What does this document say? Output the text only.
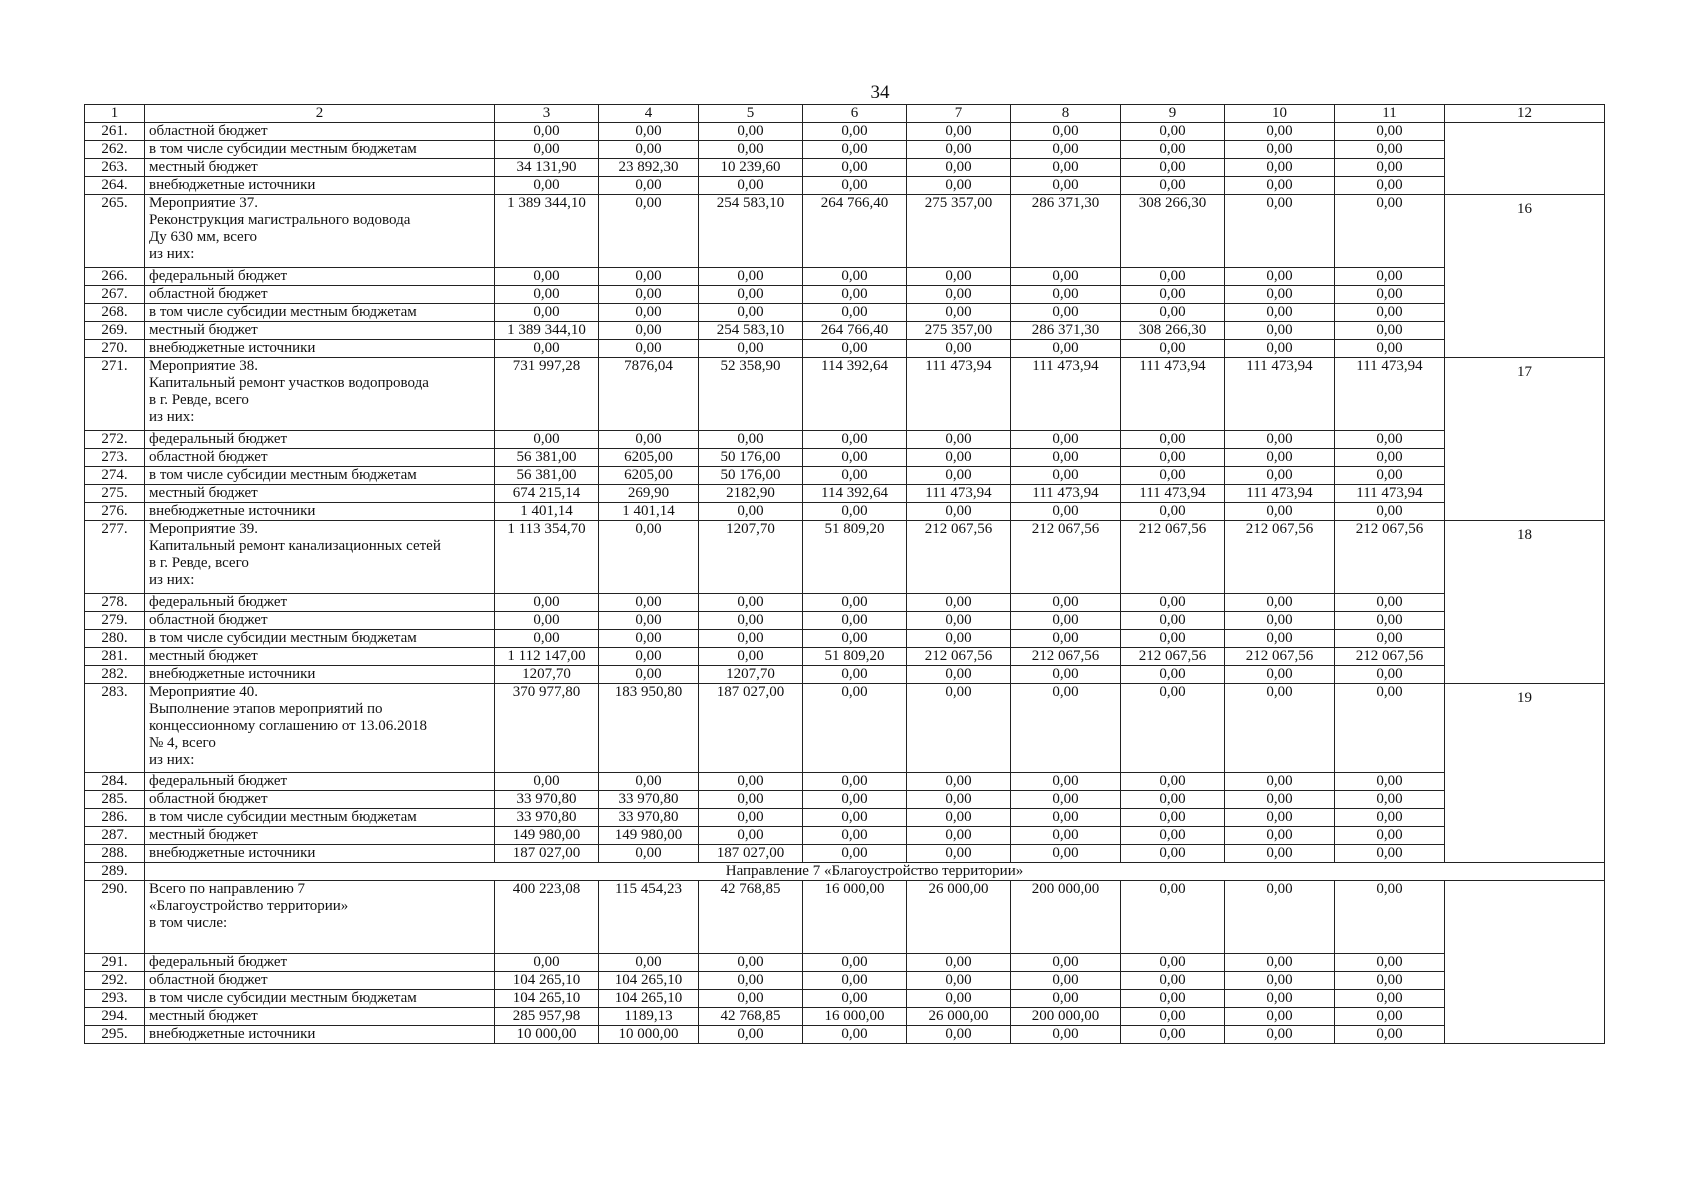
34
1	2	3	4	5	6	7	8	9	10	11	12
261.	областной бюджет	0,00	0,00	0,00	0,00	0,00	0,00	0,00	0,00	0,00	
262.	в том числе субсидии местным бюджетам	0,00	0,00	0,00	0,00	0,00	0,00	0,00	0,00	0,00	
263.	местный бюджет	34 131,90	23 892,30	10 239,60	0,00	0,00	0,00	0,00	0,00	0,00	
264.	внебюджетные источники	0,00	0,00	0,00	0,00	0,00	0,00	0,00	0,00	0,00	
265.	Мероприятие 37.
Реконструкция магистрального водовода
Ду 630 мм, всего
из них:	1 389 344,10	0,00	254 583,10	264 766,40	275 357,00	286 371,30	308 266,30	0,00	0,00	16
266.	федеральный бюджет	0,00	0,00	0,00	0,00	0,00	0,00	0,00	0,00	0,00	
267.	областной бюджет	0,00	0,00	0,00	0,00	0,00	0,00	0,00	0,00	0,00	
268.	в том числе субсидии местным бюджетам	0,00	0,00	0,00	0,00	0,00	0,00	0,00	0,00	0,00	
269.	местный бюджет	1 389 344,10	0,00	254 583,10	264 766,40	275 357,00	286 371,30	308 266,30	0,00	0,00	
270.	внебюджетные источники	0,00	0,00	0,00	0,00	0,00	0,00	0,00	0,00	0,00	
271.	Мероприятие 38.
Капитальный ремонт участков водопровода
в г. Ревде, всего
из них:	731 997,28	7876,04	52 358,90	114 392,64	111 473,94	111 473,94	111 473,94	111 473,94	111 473,94	17
272.	федеральный бюджет	0,00	0,00	0,00	0,00	0,00	0,00	0,00	0,00	0,00	
273.	областной бюджет	56 381,00	6205,00	50 176,00	0,00	0,00	0,00	0,00	0,00	0,00	
274.	в том числе субсидии местным бюджетам	56 381,00	6205,00	50 176,00	0,00	0,00	0,00	0,00	0,00	0,00	
275.	местный бюджет	674 215,14	269,90	2182,90	114 392,64	111 473,94	111 473,94	111 473,94	111 473,94	111 473,94	
276.	внебюджетные источники	1 401,14	1 401,14	0,00	0,00	0,00	0,00	0,00	0,00	0,00	
277.	Мероприятие 39.
Капитальный ремонт канализационных сетей
в г. Ревде, всего
из них:	1 113 354,70	0,00	1207,70	51 809,20	212 067,56	212 067,56	212 067,56	212 067,56	212 067,56	18
278.	федеральный бюджет	0,00	0,00	0,00	0,00	0,00	0,00	0,00	0,00	0,00	
279.	областной бюджет	0,00	0,00	0,00	0,00	0,00	0,00	0,00	0,00	0,00	
280.	в том числе субсидии местным бюджетам	0,00	0,00	0,00	0,00	0,00	0,00	0,00	0,00	0,00	
281.	местный бюджет	1 112 147,00	0,00	0,00	51 809,20	212 067,56	212 067,56	212 067,56	212 067,56	212 067,56	
282.	внебюджетные источники	1207,70	0,00	1207,70	0,00	0,00	0,00	0,00	0,00	0,00	
283.	Мероприятие 40.
Выполнение этапов мероприятий по
концессионному соглашению от 13.06.2018
№ 4, всего
из них:	370 977,80	183 950,80	187 027,00	0,00	0,00	0,00	0,00	0,00	0,00	19
284.	федеральный бюджет	0,00	0,00	0,00	0,00	0,00	0,00	0,00	0,00	0,00	
285.	областной бюджет	33 970,80	33 970,80	0,00	0,00	0,00	0,00	0,00	0,00	0,00	
286.	в том числе субсидии местным бюджетам	33 970,80	33 970,80	0,00	0,00	0,00	0,00	0,00	0,00	0,00	
287.	местный бюджет	149 980,00	149 980,00	0,00	0,00	0,00	0,00	0,00	0,00	0,00	
288.	внебюджетные источники	187 027,00	0,00	187 027,00	0,00	0,00	0,00	0,00	0,00	0,00	
289.	Направление 7 «Благоустройство территории»										
290.	Всего по направлению 7
«Благоустройство территории»
в том числе:	400 223,08	115 454,23	42 768,85	16 000,00	26 000,00	200 000,00	0,00	0,00	0,00	
291.	федеральный бюджет	0,00	0,00	0,00	0,00	0,00	0,00	0,00	0,00	0,00	
292.	областной бюджет	104 265,10	104 265,10	0,00	0,00	0,00	0,00	0,00	0,00	0,00	
293.	в том числе субсидии местным бюджетам	104 265,10	104 265,10	0,00	0,00	0,00	0,00	0,00	0,00	0,00	
294.	местный бюджет	285 957,98	1189,13	42 768,85	16 000,00	26 000,00	200 000,00	0,00	0,00	0,00	
295.	внебюджетные источники	10 000,00	10 000,00	0,00	0,00	0,00	0,00	0,00	0,00	0,00	
